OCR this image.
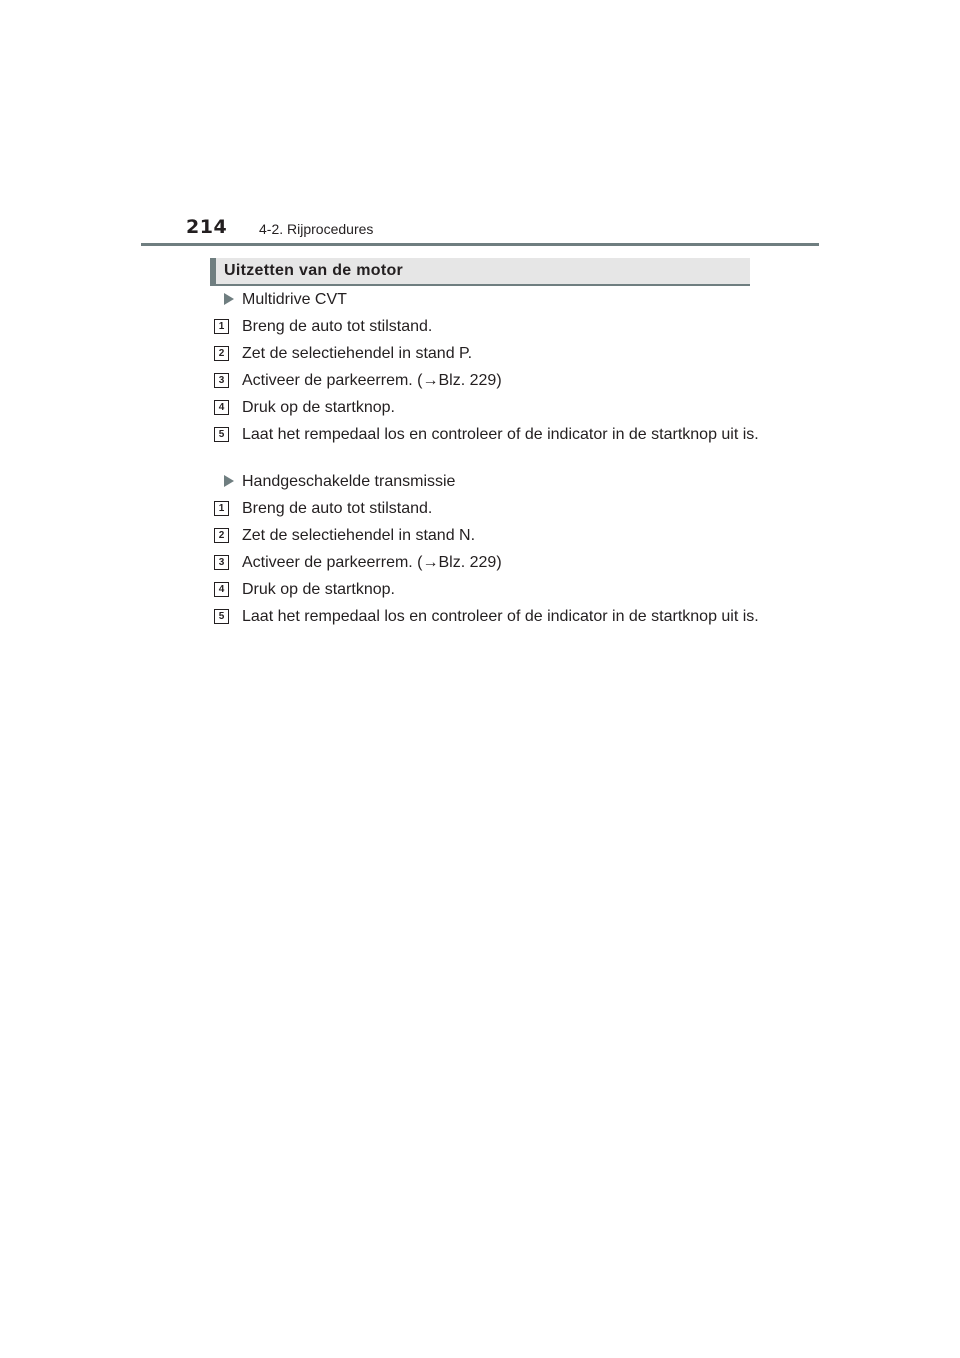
214 4-2. Rijprocedures
Uitzetten van de motor
Multidrive CVT
1 Breng de auto tot stilstand.
2 Zet de selectiehendel in stand P.
3 Activeer de parkeerrem. (→Blz. 229)
4 Druk op de startknop.
5 Laat het rempedaal los en controleer of de indicator in de startknop uit is.
Handgeschakelde transmissie
1 Breng de auto tot stilstand.
2 Zet de selectiehendel in stand N.
3 Activeer de parkeerrem. (→Blz. 229)
4 Druk op de startknop.
5 Laat het rempedaal los en controleer of de indicator in de startknop uit is.
